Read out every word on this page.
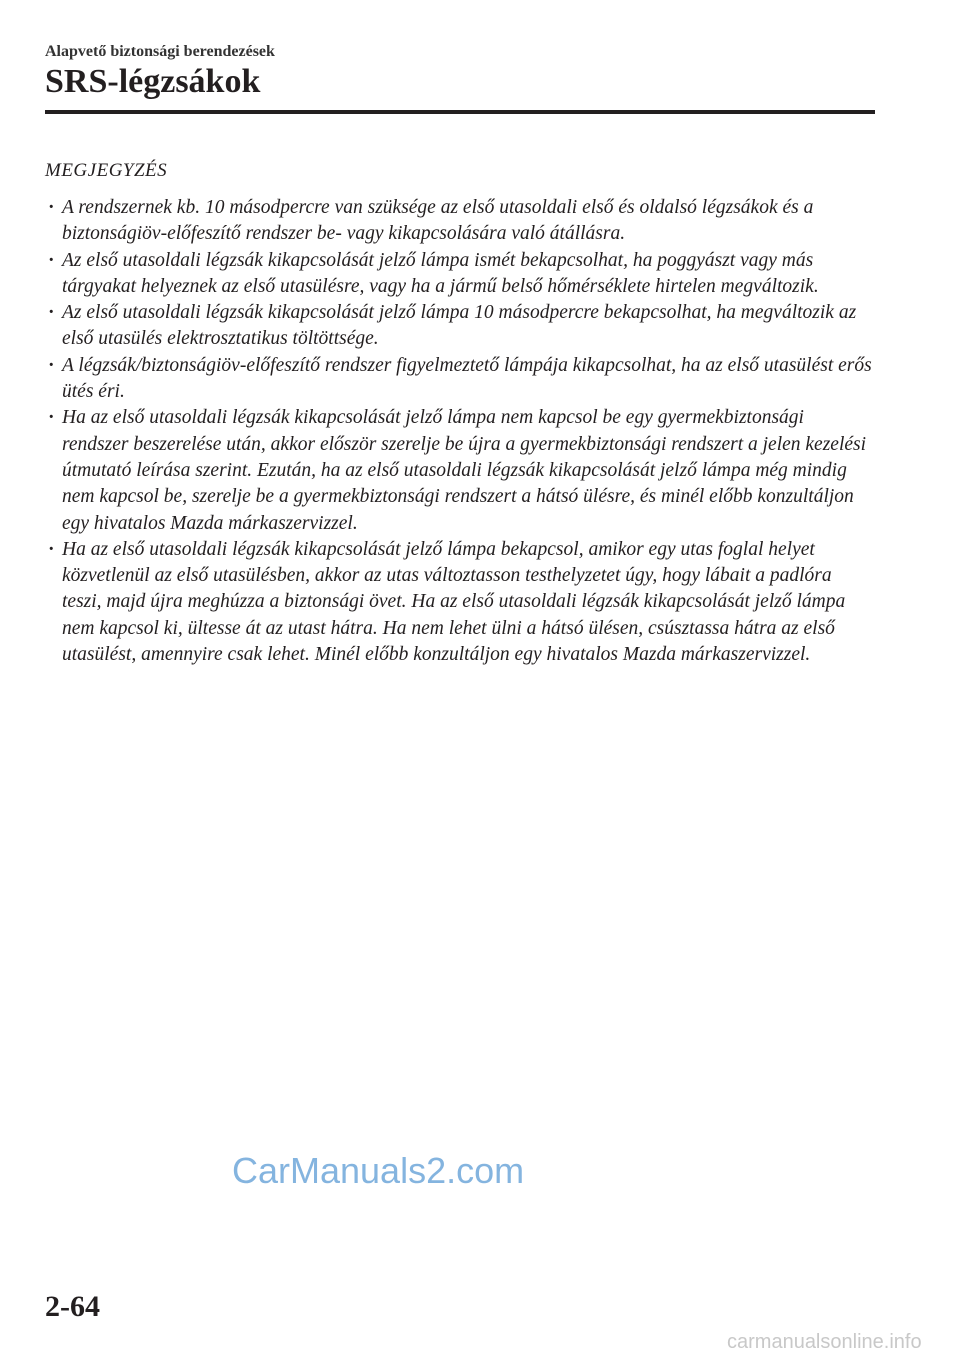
Alapvető biztonsági berendezések
SRS-légzsákok
MEGJEGYZÉS
· A rendszernek kb. 10 másodpercre van szüksége az első utasoldali első és oldalsó légzsákok és a biztonságiöv-előfeszítő rendszer be- vagy kikapcsolására való átállásra.
· Az első utasoldali légzsák kikapcsolását jelző lámpa ismét bekapcsolhat, ha poggyászt vagy más tárgyakat helyeznek az első utasülésre, vagy ha a jármű belső hőmérséklete hirtelen megváltozik.
· Az első utasoldali légzsák kikapcsolását jelző lámpa 10 másodpercre bekapcsolhat, ha megváltozik az első utasülés elektrosztatikus töltöttsége.
· A légzsák/biztonságiöv-előfeszítő rendszer figyelmeztető lámpája kikapcsolhat, ha az első utasülést erős ütés éri.
· Ha az első utasoldali légzsák kikapcsolását jelző lámpa nem kapcsol be egy gyermekbiztonsági rendszer beszerelése után, akkor először szerelje be újra a gyermekbiztonsági rendszert a jelen kezelési útmutató leírása szerint. Ezután, ha az első utasoldali légzsák kikapcsolását jelző lámpa még mindig nem kapcsol be, szerelje be a gyermekbiztonsági rendszert a hátsó ülésre, és minél előbb konzultáljon egy hivatalos Mazda márkaszervizzel.
· Ha az első utasoldali légzsák kikapcsolását jelző lámpa bekapcsol, amikor egy utas foglal helyet közvetlenül az első utasülésben, akkor az utas változtasson testhelyzetet úgy, hogy lábait a padlóra teszi, majd újra meghúzza a biztonsági övet. Ha az első utasoldali légzsák kikapcsolását jelző lámpa nem kapcsol ki, ültesse át az utast hátra. Ha nem lehet ülni a hátsó ülésen, csúsztassa hátra az első utasülést, amennyire csak lehet. Minél előbb konzultáljon egy hivatalos Mazda márkaszervizzel.
CarManuals2.com
2-64
carmanualsonline.info
